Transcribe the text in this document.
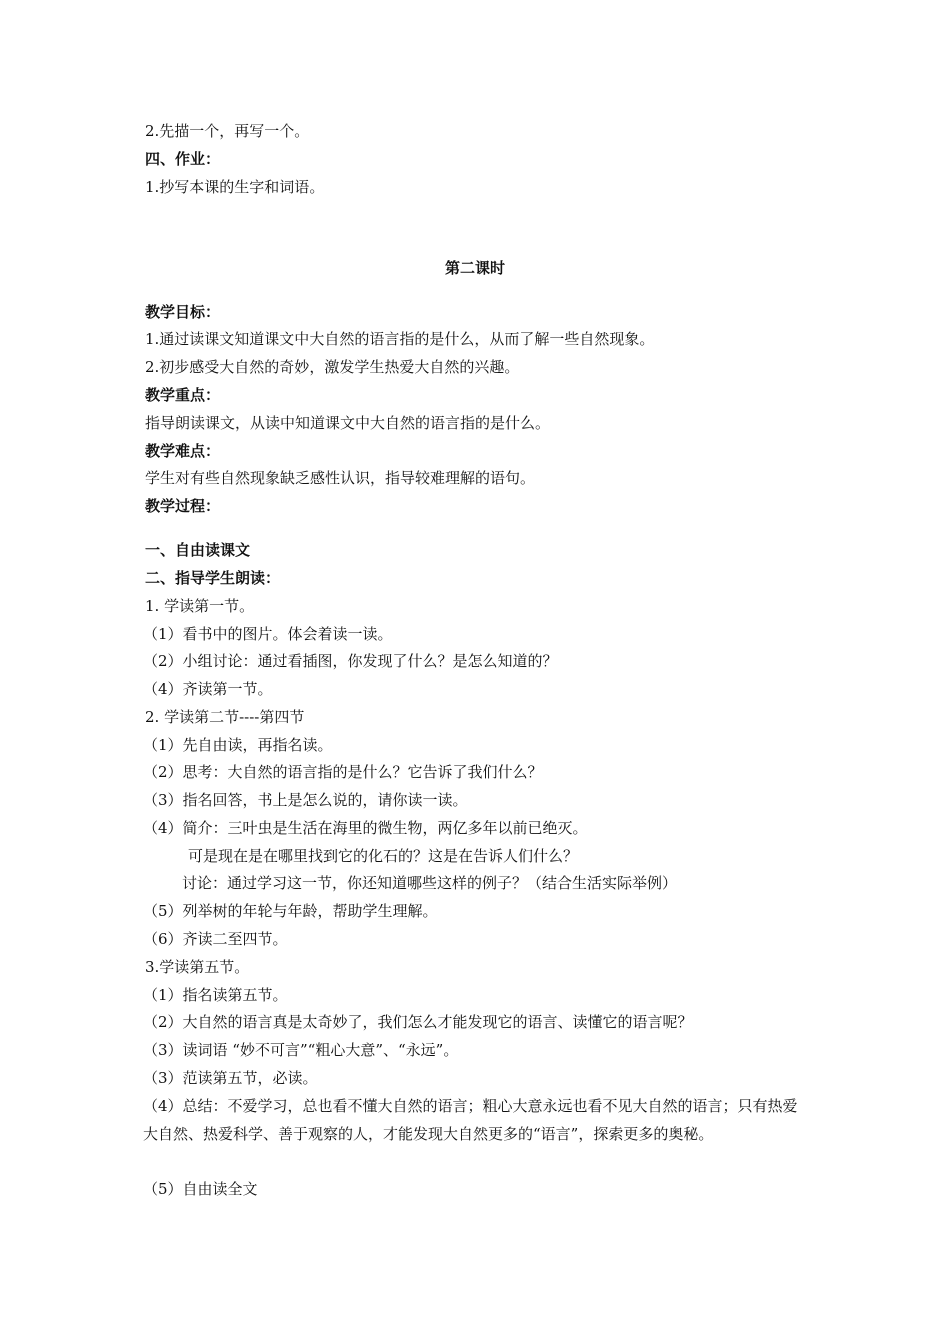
2.先描一个，再写一个。
四、作业：
1.抄写本课的生字和词语。
第二课时
教学目标：
1.通过读课文知道课文中大自然的语言指的是什么，从而了解一些自然现象。
2.初步感受大自然的奇妙，激发学生热爱大自然的兴趣。
教学重点：
指导朗读课文，从读中知道课文中大自然的语言指的是什么。
教学难点：
学生对有些自然现象缺乏感性认识，指导较难理解的语句。
教学过程：
一、自由读课文
二、指导学生朗读：
1. 学读第一节。
（1）看书中的图片。体会着读一读。
（2）小组讨论：通过看插图，你发现了什么？是怎么知道的？
（4）齐读第一节。
2. 学读第二节----第四节
（1）先自由读，再指名读。
（2）思考：大自然的语言指的是什么？它告诉了我们什么？
（3）指名回答，书上是怎么说的，请你读一读。
（4）简介：三叶虫是生活在海里的微生物，两亿多年以前已绝灭。
可是现在是在哪里找到它的化石的？这是在告诉人们什么？
讨论：通过学习这一节，你还知道哪些这样的例子？（结合生活实际举例）
（5）列举树的年轮与年龄，帮助学生理解。
（6）齐读二至四节。
3.学读第五节。
（1）指名读第五节。
（2）大自然的语言真是太奇妙了，我们怎么才能发现它的语言、读懂它的语言呢？
（3）读词语 “妙不可言”“粗心大意”、“永远”。
（3）范读第五节，必读。
（4）总结：不爱学习，总也看不懂大自然的语言；粗心大意永远也看不见大自然的语言；只有热爱大自然、热爱科学、善于观察的人，才能发现大自然更多的“语言”，探索更多的奥秘。
（5）自由读全文
